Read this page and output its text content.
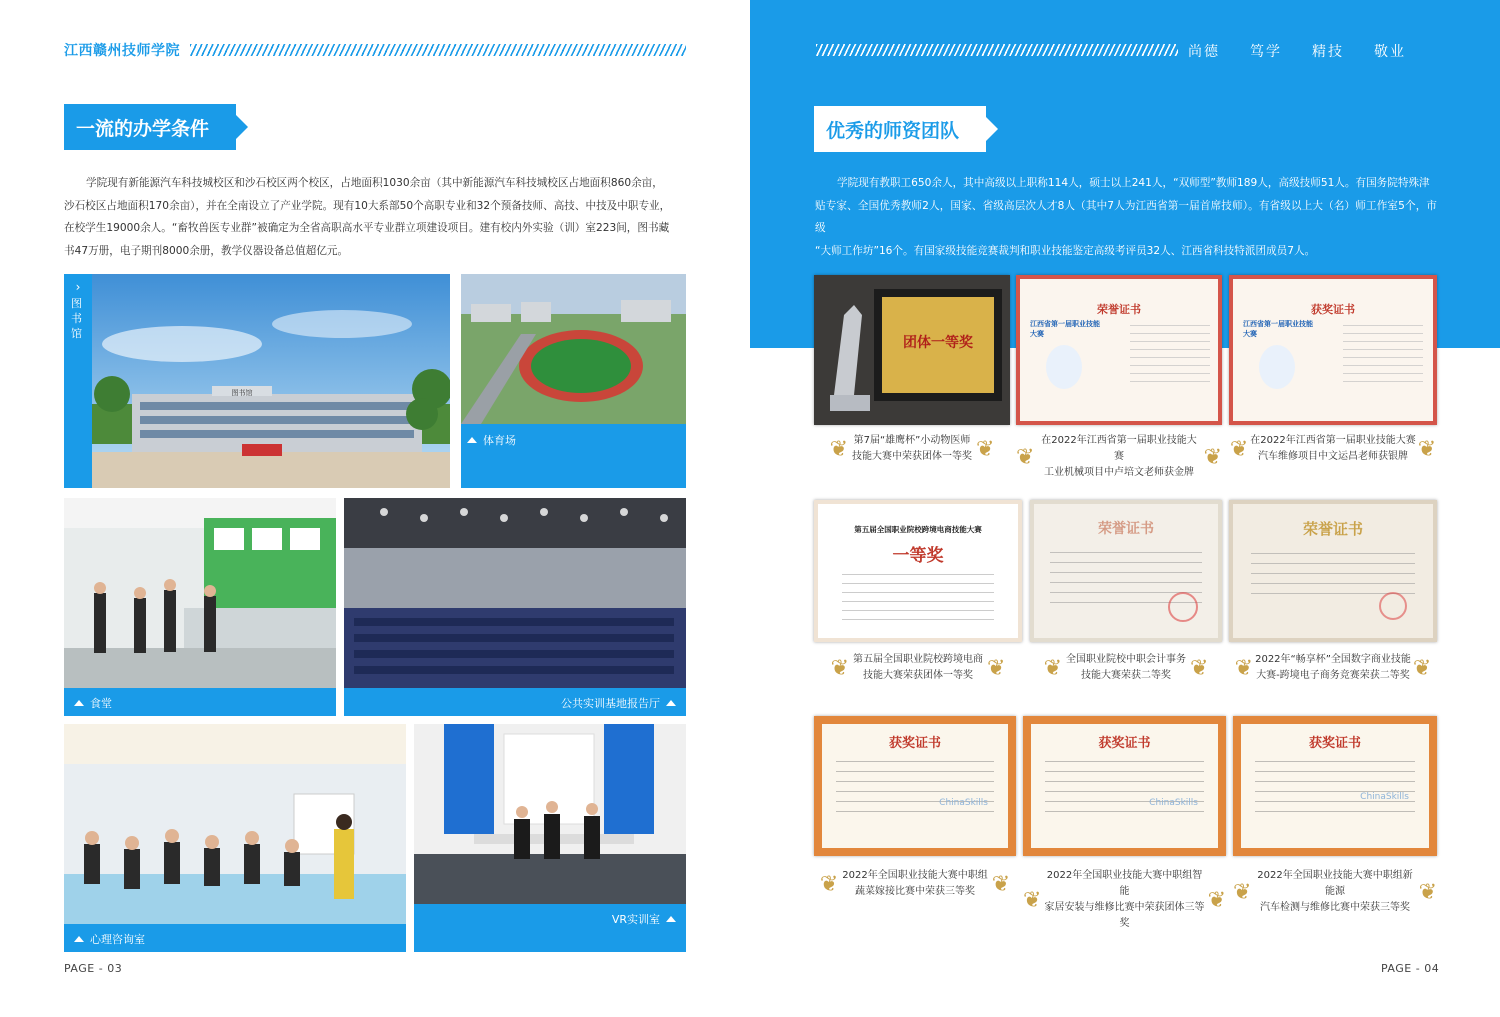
江西赣州技师学院
一流的办学条件
学院现有新能源汽车科技城校区和沙石校区两个校区，占地面积1030余亩（其中新能源汽车科技城校区占地面积860余亩，
沙石校区占地面积170余亩），并在全南设立了产业学院。现有10大系部50个高职专业和32个预备技师、高技、中技及中职专业，
在校学生19000余人。“畜牧兽医专业群”被确定为全省高职高水平专业群立项建设项目。建有校内外实验（训）室223间，图书藏
书47万册，电子期刊8000余册，教学仪器设备总值超亿元。
›
图书馆
图书馆
体育场
食堂	公共实训基地报告厅
心理咨询室
VR实训室
PAGE - 03
尚德 笃学 精技 敬业
优秀的师资团队
学院现有教职工650余人，其中高级以上职称114人，硕士以上241人，“双师型”教师189人，高级技师51人。有国务院特殊津
贴专家、全国优秀教师2人，国家、省级高层次人才8人（其中7人为江西省第一届首席技师）。有省级以上大（名）师工作室5个，市级
“大师工作坊”16个。有国家级技能竞赛裁判和职业技能鉴定高级考评员32人、江西省科技特派团成员7人。
团体一等奖
荣誉证书
江西省第一届职业技能大赛
获奖证书
江西省第一届职业技能大赛
❦ 第7届“雄鹰杯”小动物医师
技能大赛中荣获团体一等奖 ❦ ❦
在2022年江西省第一届职业技能大赛
工业机械项目中卢培文老师获金牌
❦ ❦ 在2022年江西省第一届职业技能大赛
汽车维修项目中文运昌老师获银牌 ❦
第五届全国职业院校跨境电商技能大赛
一等奖
荣誉证书	荣誉证书
❦ 第五届全国职业院校跨境电商
技能大赛荣获团体一等奖 ❦ ❦ 全国职业院校中职会计事务
技能大赛荣获二等奖 ❦ ❦ 2022年“畅享杯”全国数字商业技能
大赛-跨境电子商务竞赛荣获二等奖 ❦
获奖证书
ChinaSkills
获奖证书
ChinaSkills
获奖证书
ChinaSkills
❦ 2022年全国职业技能大赛中职组
蔬菜嫁接比赛中荣获三等奖 ❦
❦
2022年全国职业技能大赛中职组智能
家居安装与维修比赛中荣获团体三等奖
❦ ❦
2022年全国职业技能大赛中职组新能源
汽车检测与维修比赛中荣获三等奖
❦
PAGE - 04
